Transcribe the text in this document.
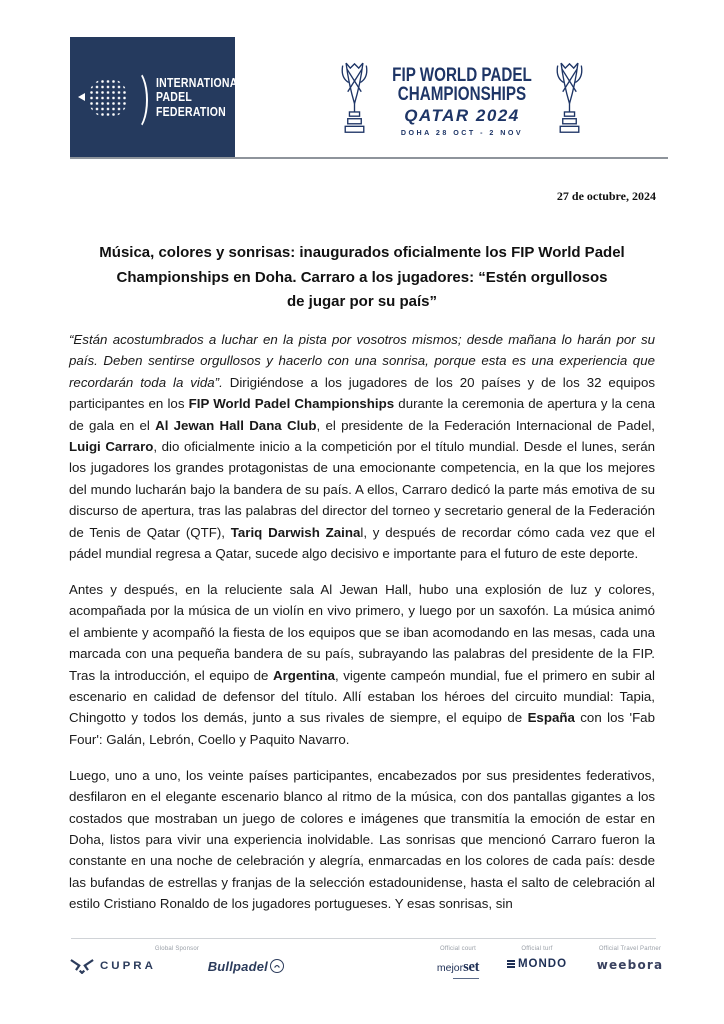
INTERNATIONAL
PADEL
FEDERATION
FIP WORLD PADEL
CHAMPIONSHIPS
QATAR 2024
DOHA 28 OCT - 2 NOV
27 de octubre, 2024
Música, colores y sonrisas: inaugurados oficialmente los FIP World Padel
Championships en Doha. Carraro a los jugadores: “Estén orgullosos
de jugar por su país”

“Están acostumbrados a luchar en la pista por vosotros mismos; desde mañana lo harán por su país. Deben sentirse orgullosos y hacerlo con una sonrisa, porque esta es una experiencia que recordarán toda la vida”. Dirigiéndose a los jugadores de los 20 países y de los 32 equipos participantes en los FIP World Padel Championships durante la ceremonia de apertura y la cena de gala en el Al Jewan Hall Dana Club, el presidente de la Federación Internacional de Padel, Luigi Carraro, dio oficialmente inicio a la competición por el título mundial. Desde el lunes, serán los jugadores los grandes protagonistas de una emocionante competencia, en la que los mejores del mundo lucharán bajo la bandera de su país. A ellos, Carraro dedicó la parte más emotiva de su discurso de apertura, tras las palabras del director del torneo y secretario general de la Federación de Tenis de Qatar (QTF), Tariq Darwish Zainal, y después de recordar cómo cada vez que el pádel mundial regresa a Qatar, sucede algo decisivo e importante para el futuro de este deporte.

Antes y después, en la reluciente sala Al Jewan Hall, hubo una explosión de luz y colores, acompañada por la música de un violín en vivo primero, y luego por un saxofón. La música animó el ambiente y acompañó la fiesta de los equipos que se iban acomodando en las mesas, cada una marcada con una pequeña bandera de su país, subrayando las palabras del presidente de la FIP. Tras la introducción, el equipo de Argentina, vigente campeón mundial, fue el primero en subir al escenario en calidad de defensor del título. Allí estaban los héroes del circuito mundial: Tapia, Chingotto y todos los demás, junto a sus rivales de siempre, el equipo de España con los 'Fab Four': Galán, Lebrón, Coello y Paquito Navarro.

Luego, uno a uno, los veinte países participantes, encabezados por sus presidentes federativos, desfilaron en el elegante escenario blanco al ritmo de la música, con dos pantallas gigantes a los costados que mostraban un juego de colores e imágenes que transmitía la emoción de estar en Doha, listos para vivir una experiencia inolvidable. Las sonrisas que mencionó Carraro fueron la constante en una noche de celebración y alegría, enmarcadas en los colores de cada país: desde las bufandas de estrellas y franjas de la selección estadounidense, hasta el salto de celebración al estilo Cristiano Ronaldo de los jugadores portugueses. Y esas sonrisas, sin

Global Sponsor
CUPRA	Bullpadel
Official court
mejorset
Official turf
MONDO
Official Travel Partner
weebora
